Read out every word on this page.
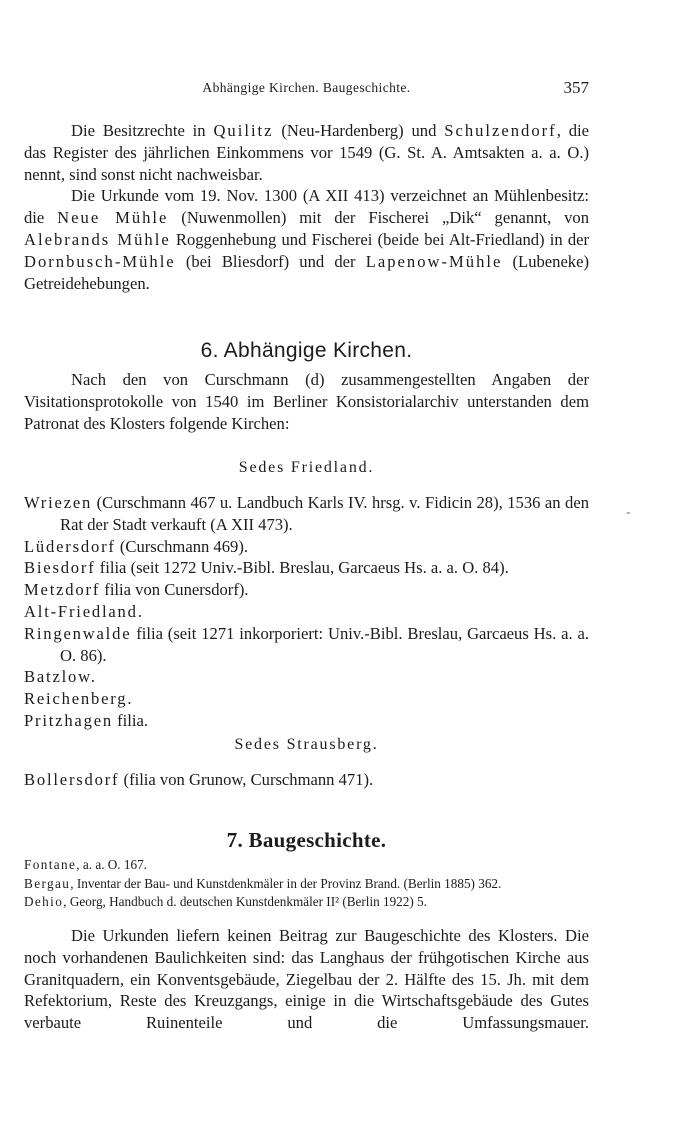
Abhängige Kirchen. Baugeschichte.	357

Die Besitzrechte in Quilitz (Neu-Hardenberg) und Schulzendorf, die das Register des jährlichen Einkommens vor 1549 (G. St. A. Amtsakten a. a. O.) nennt, sind sonst nicht nachweisbar.

Die Urkunde vom 19. Nov. 1300 (A XII 413) verzeichnet an Mühlenbesitz: die Neue Mühle (Nuwenmollen) mit der Fischerei „Dik“ genannt, von Alebrands Mühle Roggenhebung und Fischerei (beide bei Alt-Friedland) in der Dornbusch-Mühle (bei Bliesdorf) und der Lapenow-Mühle (Lubeneke) Getreidehebungen.

6. Abhängige Kirchen.

Nach den von Curschmann (d) zusammengestellten Angaben der Visitationsprotokolle von 1540 im Berliner Konsistorialarchiv unterstanden dem Patronat des Klosters folgende Kirchen:

Sedes Friedland.

Wriezen (Curschmann 467 u. Landbuch Karls IV. hrsg. v. Fidicin 28), 1536 an den Rat der Stadt verkauft (A XII 473).

Lüdersdorf (Curschmann 469).

Biesdorf filia (seit 1272 Univ.-Bibl. Breslau, Garcaeus Hs. a. a. O. 84).

Metzdorf filia von Cunersdorf).

Alt-Friedland.

Ringenwalde filia (seit 1271 inkorporiert: Univ.-Bibl. Breslau, Garcaeus Hs. a. a. O. 86).

Batzlow.

Reichenberg.

Pritzhagen filia.

Sedes Strausberg.

Bollersdorf (filia von Grunow, Curschmann 471).

7. Baugeschichte.

Fontane, a. a. O. 167.

Bergau, Inventar der Bau- und Kunstdenkmäler in der Provinz Brand. (Berlin 1885) 362.

Dehio, Georg, Handbuch d. deutschen Kunstdenkmäler II² (Berlin 1922) 5.

Die Urkunden liefern keinen Beitrag zur Baugeschichte des Klosters. Die noch vorhandenen Baulichkeiten sind: das Langhaus der frühgotischen Kirche aus Granitquadern, ein Konventsgebäude, Ziegelbau der 2. Hälfte des 15. Jh. mit dem Refektorium, Reste des Kreuzgangs, einige in die Wirtschaftsgebäude des Gutes verbaute Ruinenteile und die Umfassungsmauer.

-
